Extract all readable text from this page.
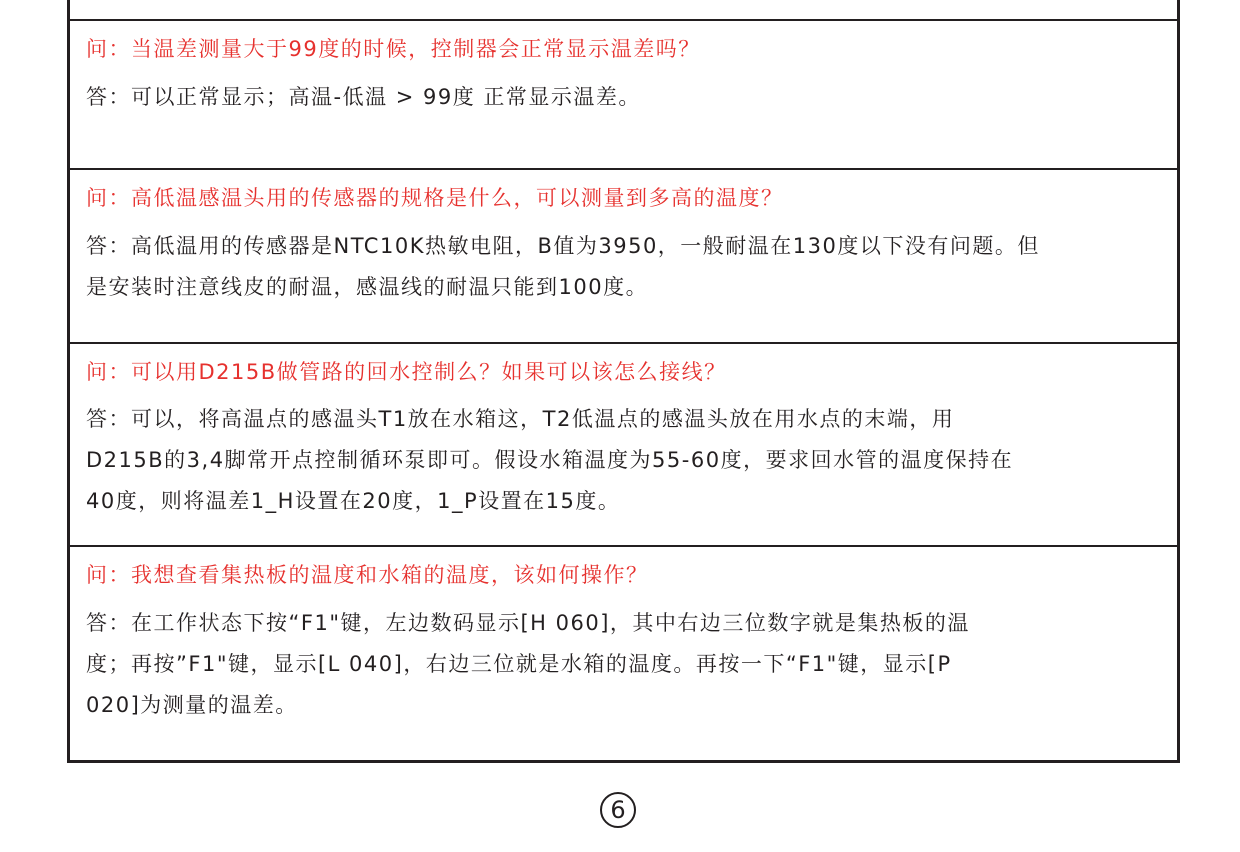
问：当温差测量大于99度的时候，控制器会正常显示温差吗？

答：可以正常显示；高温-低温 > 99度 正常显示温差。

问：高低温感温头用的传感器的规格是什么，可以测量到多高的温度？

答：高低温用的传感器是NTC10K热敏电阻，B值为3950，一般耐温在130度以下没有问题。但
是安装时注意线皮的耐温，感温线的耐温只能到100度。

问：可以用D215B做管路的回水控制么？如果可以该怎么接线？

答：可以，将高温点的感温头T1放在水箱这，T2低温点的感温头放在用水点的末端，用
D215B的3,4脚常开点控制循环泵即可。假设水箱温度为55-60度，要求回水管的温度保持在
40度，则将温差1_H设置在20度，1_P设置在15度。

问：我想查看集热板的温度和水箱的温度，该如何操作？

答：在工作状态下按“F1"键，左边数码显示[H 060]，其中右边三位数字就是集热板的温
度；再按”F1"键，显示[L 040]，右边三位就是水箱的温度。再按一下“F1"键，显示[P
020]为测量的温差。
6
